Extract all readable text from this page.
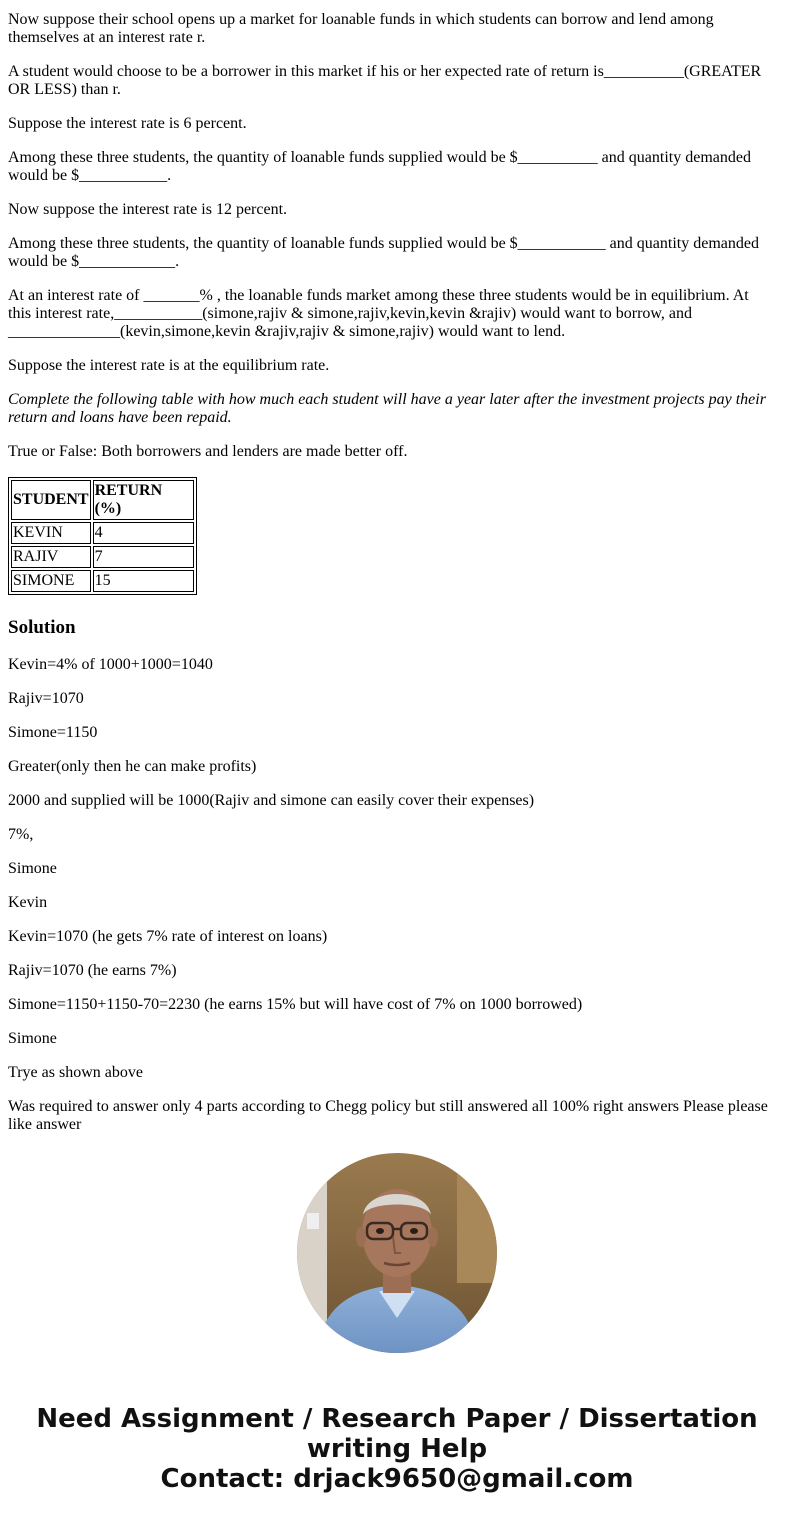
Now suppose their school opens up a market for loanable funds in which students can borrow and lend among themselves at an interest rate r.

A student would choose to be a borrower in this market if his or her expected rate of return is__________(GREATER OR LESS) than r.

Suppose the interest rate is 6 percent.

Among these three students, the quantity of loanable funds supplied would be $__________ and quantity demanded would be $___________.

Now suppose the interest rate is 12 percent.

Among these three students, the quantity of loanable funds supplied would be $___________ and quantity demanded would be $____________.

At an interest rate of _______% , the loanable funds market among these three students would be in equilibrium. At this interest rate,___________(simone,rajiv & simone,rajiv,kevin,kevin &rajiv) would want to borrow, and ______________(kevin,simone,kevin &rajiv,rajiv & simone,rajiv) would want to lend.

Suppose the interest rate is at the equilibrium rate.

Complete the following table with how much each student will have a year later after the investment projects pay their return and loans have been repaid.

True or False: Both borrowers and lenders are made better off.

STUDENT	RETURN (%)
KEVIN	4
RAJIV	7
SIMONE	15
Solution

Kevin=4% of 1000+1000=1040

Rajiv=1070

Simone=1150

Greater(only then he can make profits)

2000 and supplied will be 1000(Rajiv and simone can easily cover their expenses)

7%,

Simone

Kevin

Kevin=1070 (he gets 7% rate of interest on loans)

Rajiv=1070 (he earns 7%)

Simone=1150+1150-70=2230 (he earns 15% but will have cost of 7% on 1000 borrowed)

Simone

Trye as shown above

Was required to answer only 4 parts according to Chegg policy but still answered all 100% right answers Please please like answer

Need Assignment / Research Paper / Dissertation
writing Help
Contact: drjack9650@gmail.com
